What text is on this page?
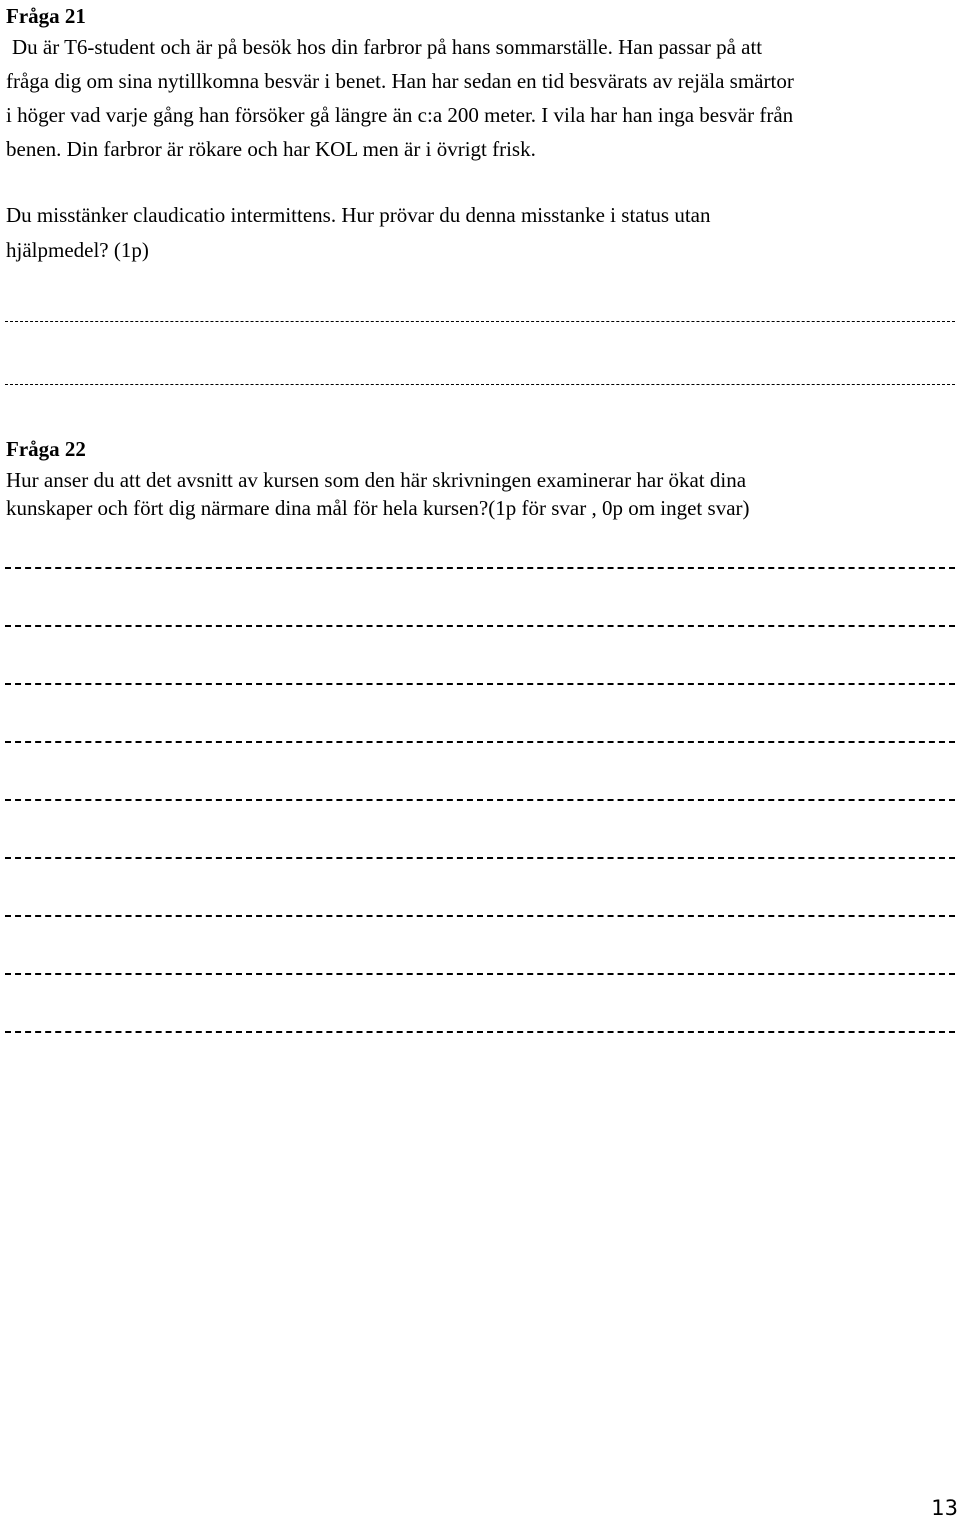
Fråga 21
Du är T6-student och är på besök hos din farbror på hans sommarställe. Han passar på att
fråga dig om sina nytillkomna besvär i benet. Han har sedan en tid besvärats av rejäla smärtor
i höger vad varje gång han försöker gå längre än c:a 200 meter. I vila har han inga besvär från
benen. Din farbror är rökare och har KOL men är i övrigt frisk.
Du misstänker claudicatio intermittens. Hur prövar du denna misstanke i status utan
hjälpmedel? (1p)
Fråga 22
Hur anser du att det avsnitt av kursen som den här skrivningen examinerar har ökat dina
kunskaper och fört dig närmare dina mål för hela kursen?(1p för svar , 0p om inget svar)
13
